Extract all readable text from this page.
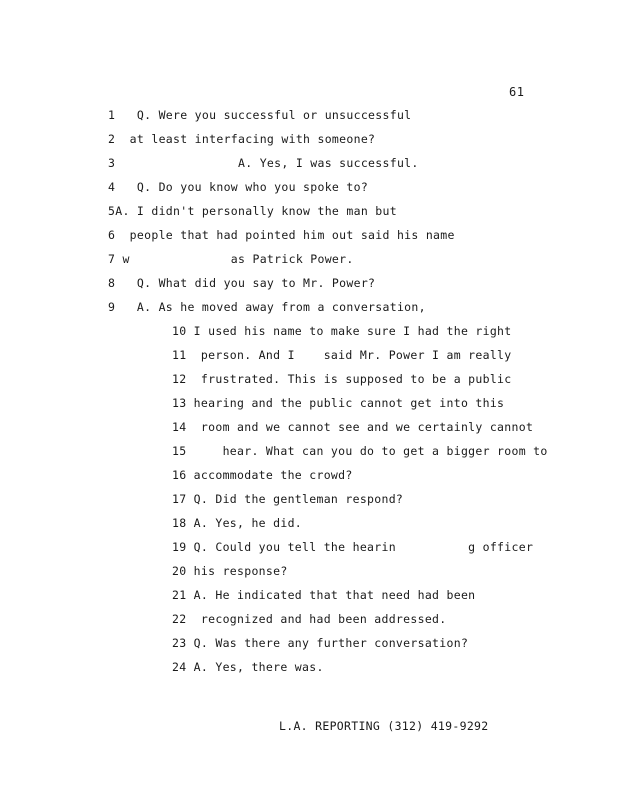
61
1   Q. Were you successful or unsuccessful
2  at least interfacing with someone?
3                 A. Yes, I was successful.
4   Q. Do you know who you spoke to?
5A. I didn't personally know the man but
6  people that had pointed him out said his name
7 w              as Patrick Power.
8   Q. What did you say to Mr. Power?
9   A. As he moved away from a conversation,
10 I used his name to make sure I had the right
11  person. And I    said Mr. Power I am really
12  frustrated. This is supposed to be a public
13 hearing and the public cannot get into this
14  room and we cannot see and we certainly cannot
15     hear. What can you do to get a bigger room to
16 accommodate the crowd?
17 Q. Did the gentleman respond?
18 A. Yes, he did.
19 Q. Could you tell the hearin          g officer
20 his response?
21 A. He indicated that that need had been
22  recognized and had been addressed.
23 Q. Was there any further conversation?
24 A. Yes, there was.
L.A. REPORTING (312) 419-9292
